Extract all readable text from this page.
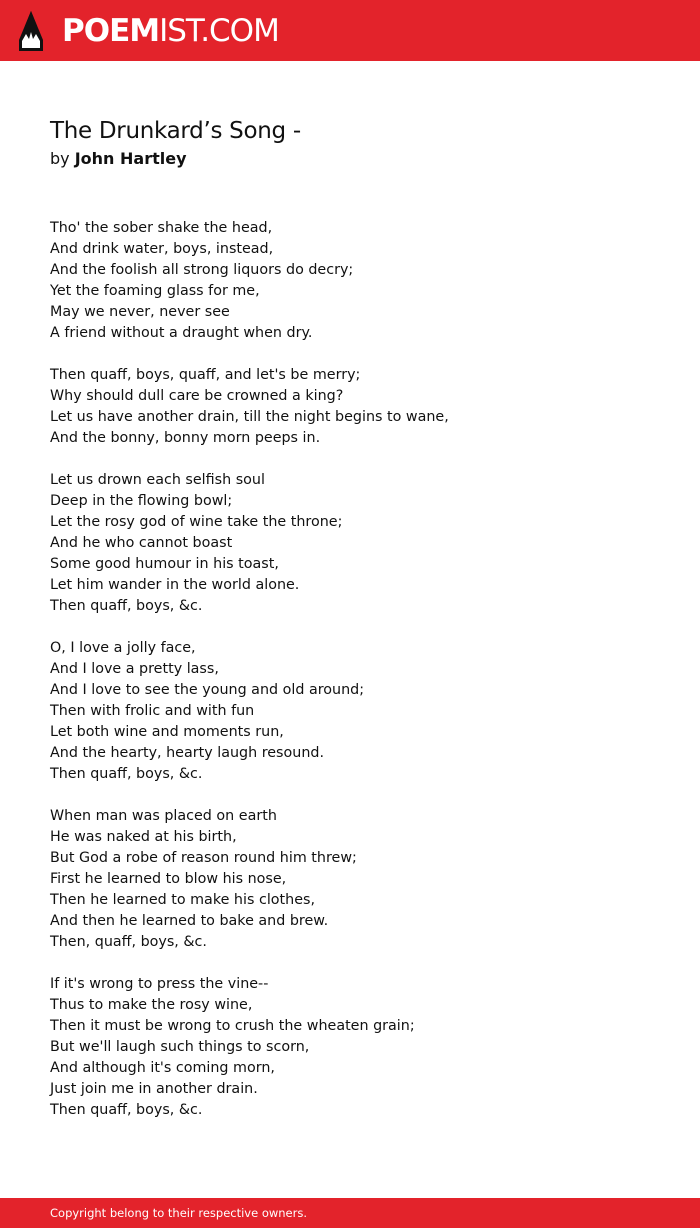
POEMIST.COM
The Drunkard’s Song -
by John Hartley
Tho' the sober shake the head,
And drink water, boys, instead,
And the foolish all strong liquors do decry;
Yet the foaming glass for me,
May we never, never see
A friend without a draught when dry.
Then quaff, boys, quaff, and let's be merry;
Why should dull care be crowned a king?
Let us have another drain, till the night begins to wane,
And the bonny, bonny morn peeps in.
Let us drown each selfish soul
Deep in the flowing bowl;
Let the rosy god of wine take the throne;
And he who cannot boast
Some good humour in his toast,
Let him wander in the world alone.
Then quaff, boys, &c.
O, I love a jolly face,
And I love a pretty lass,
And I love to see the young and old around;
Then with frolic and with fun
Let both wine and moments run,
And the hearty, hearty laugh resound.
Then quaff, boys, &c.
When man was placed on earth
He was naked at his birth,
But God a robe of reason round him threw;
First he learned to blow his nose,
Then he learned to make his clothes,
And then he learned to bake and brew.
Then, quaff, boys, &c.
If it's wrong to press the vine--
Thus to make the rosy wine,
Then it must be wrong to crush the wheaten grain;
But we'll laugh such things to scorn,
And although it's coming morn,
Just join me in another drain.
Then quaff, boys, &c.
Copyright belong to their respective owners.
